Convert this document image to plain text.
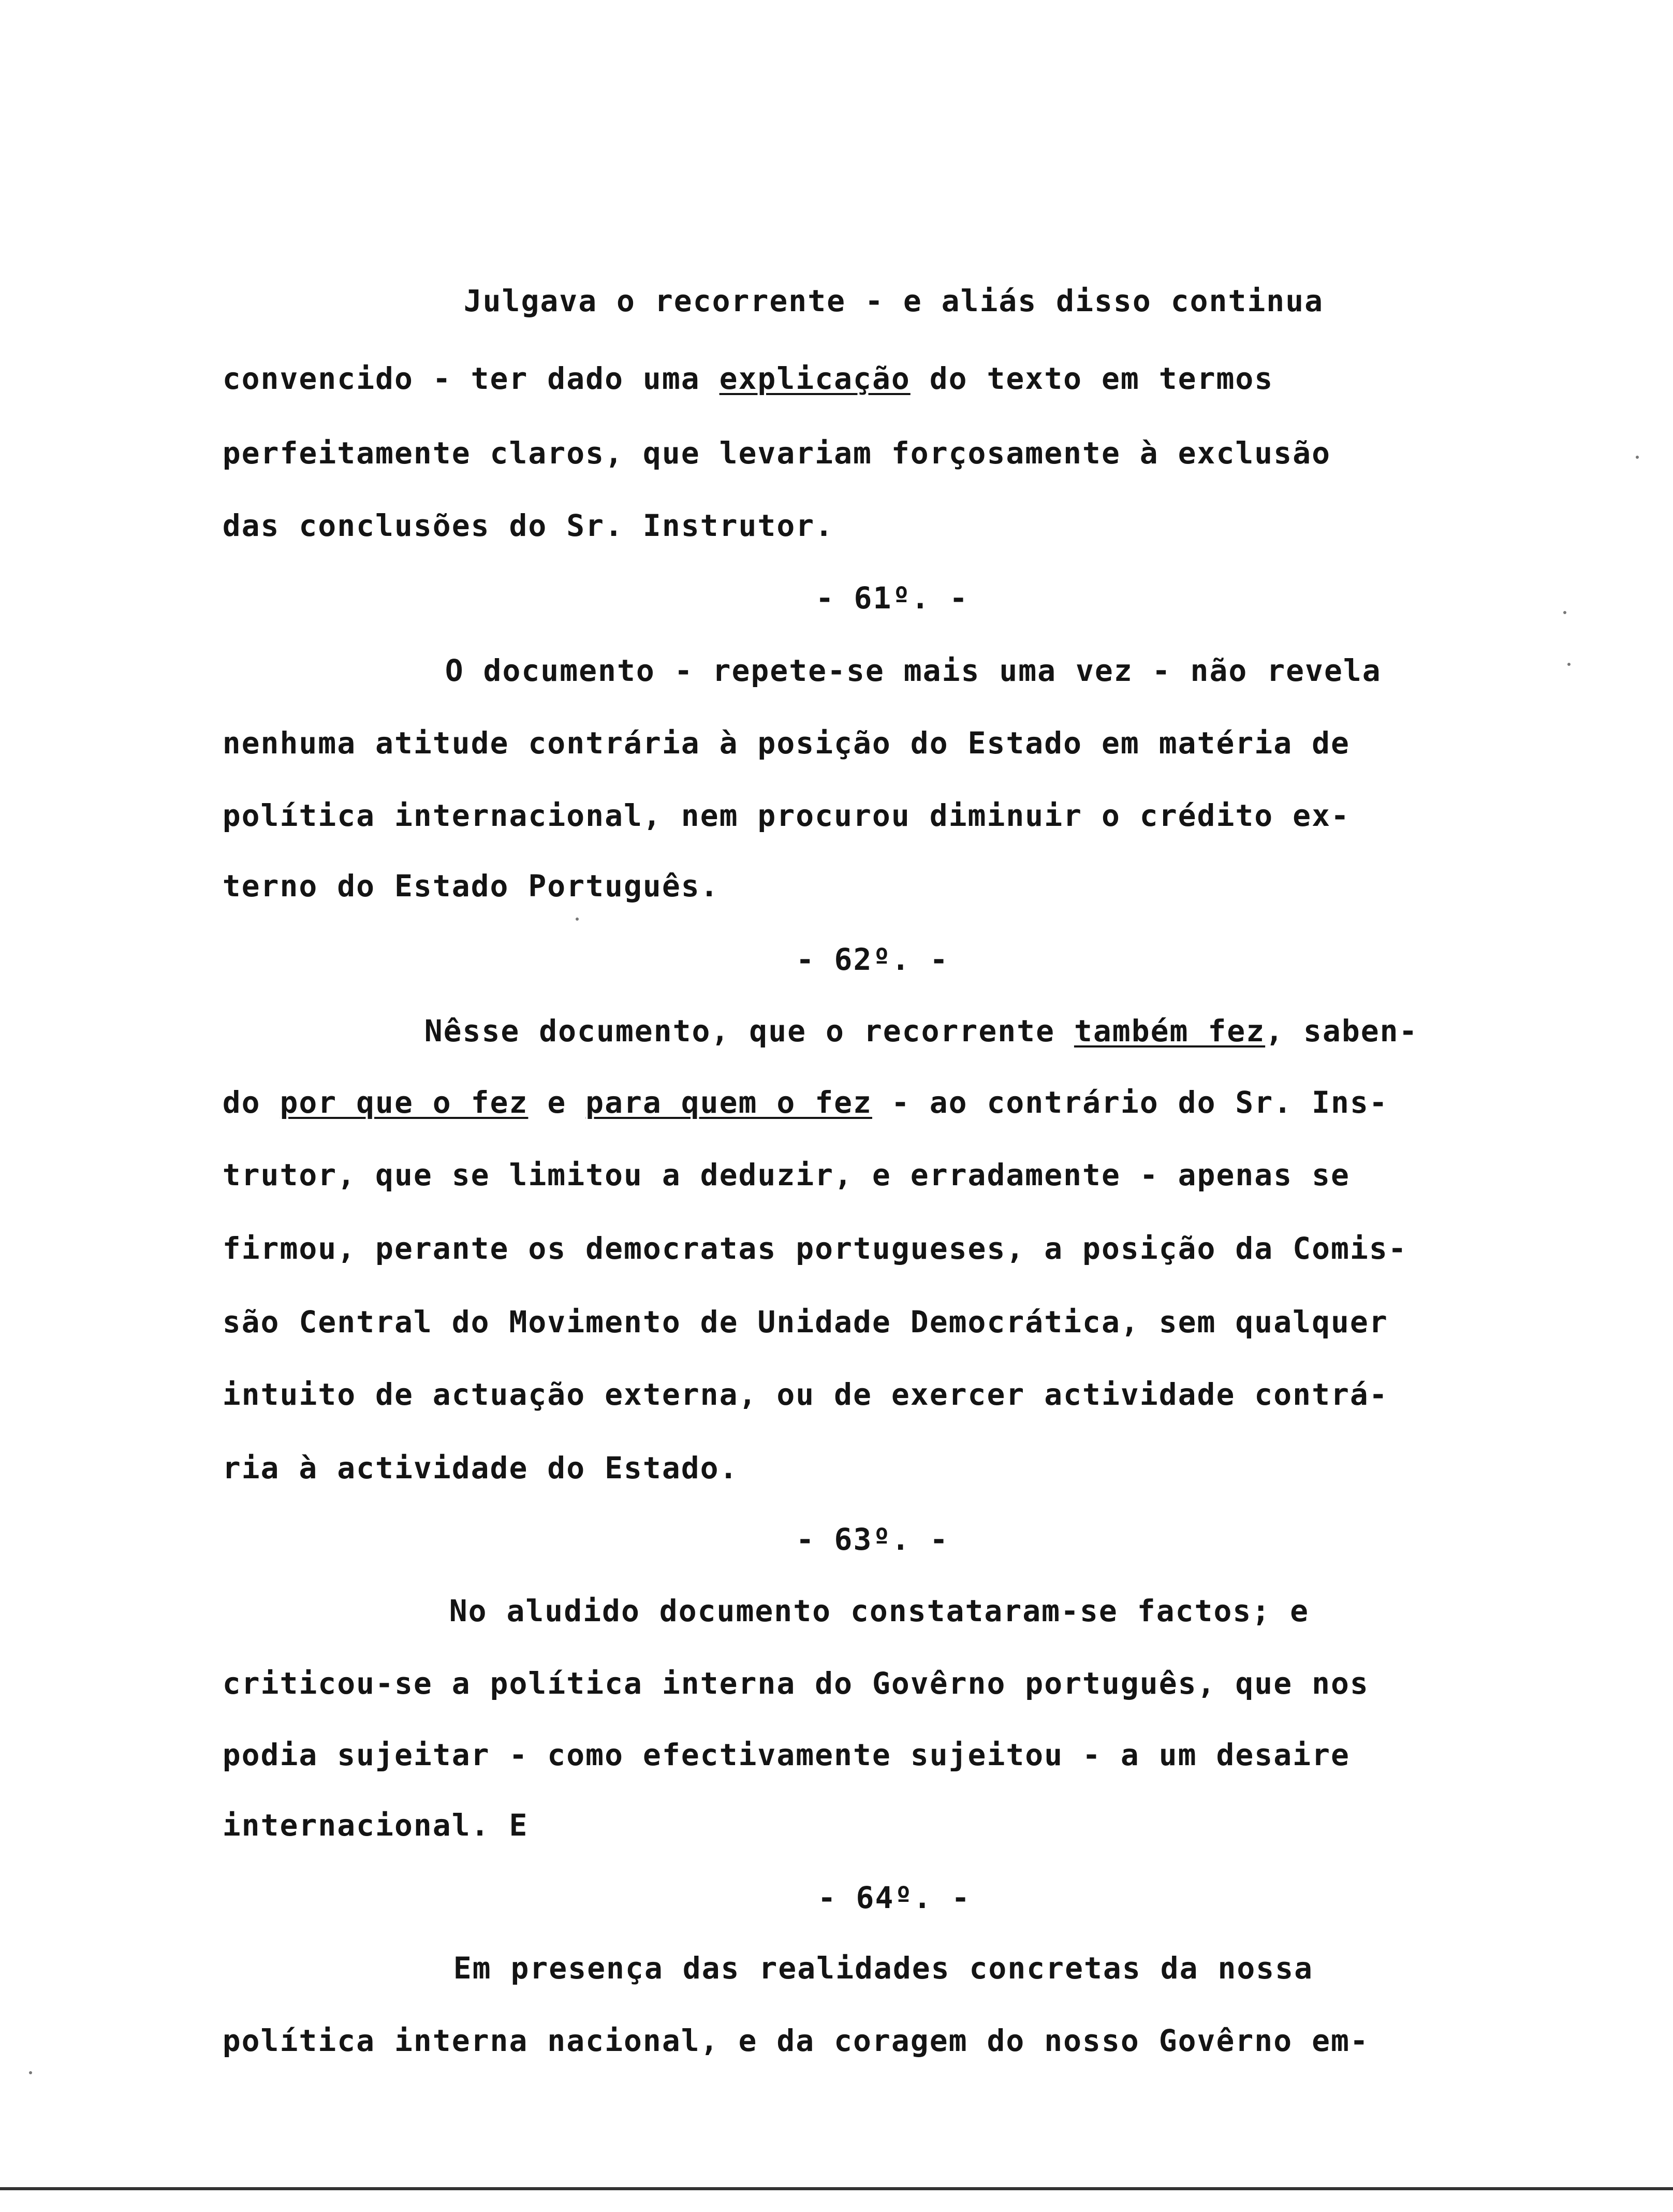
Julgava o recorrente - e aliás disso continua

convencido - ter dado uma explicação do texto em termos

perfeitamente claros, que levariam forçosamente à exclusão

das conclusões do Sr. Instrutor.

- 61º. -

O documento - repete-se mais uma vez - não revela

nenhuma atitude contrária à posição do Estado em matéria de

política internacional, nem procurou diminuir o crédito ex-

terno do Estado Português.

- 62º. -

Nêsse documento, que o recorrente também fez, saben-

do por que o fez e para quem o fez - ao contrário do Sr. Ins-

trutor, que se limitou a deduzir, e erradamente - apenas se

firmou, perante os democratas portugueses, a posição da Comis-

são Central do Movimento de Unidade Democrática, sem qualquer

intuito de actuação externa, ou de exercer actividade contrá-

ria à actividade do Estado.

- 63º. -

No aludido documento constataram-se factos; e

criticou-se a política interna do Govêrno português, que nos

podia sujeitar - como efectivamente sujeitou - a um desaire

internacional. E

- 64º. -

Em presença das realidades concretas da nossa

política interna nacional, e da coragem do nosso Govêrno em-
